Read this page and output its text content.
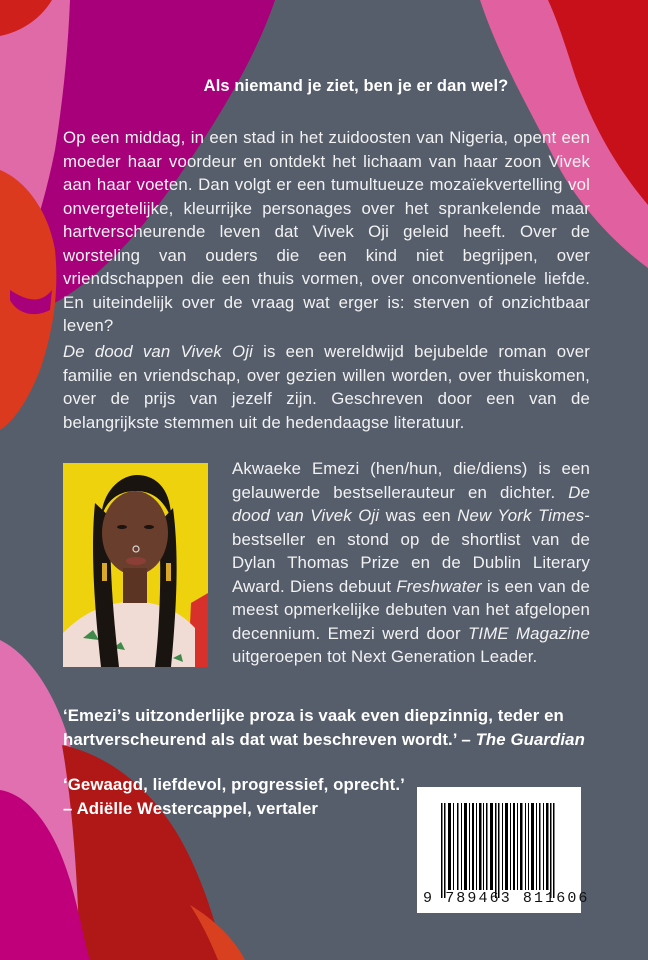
Als niemand je ziet, ben je er dan wel?
Op een middag, in een stad in het zuidoosten van Nigeria, opent een moeder haar voordeur en ontdekt het lichaam van haar zoon Vivek aan haar voeten. Dan volgt er een tumultueuze mozaïekvertelling vol onvergetelijke, kleurrijke personages over het sprankelende maar hartverscheurende leven dat Vivek Oji geleid heeft. Over de worsteling van ouders die een kind niet begrijpen, over vriendschappen die een thuis vormen, over onconventionele liefde. En uiteindelijk over de vraag wat erger is: sterven of onzichtbaar leven?
De dood van Vivek Oji is een wereldwijd bejubelde roman over familie en vriendschap, over gezien willen worden, over thuiskomen, over de prijs van jezelf zijn. Geschreven door een van de belangrijkste stemmen uit de hedendaagse literatuur.
Akwaeke Emezi (hen/hun, die/diens) is een gelauwerde bestsellerauteur en dichter. De dood van Vivek Oji was een New York Times-bestseller en stond op de shortlist van de Dylan Thomas Prize en de Dublin Literary Award. Diens debuut Freshwater is een van de meest opmerkelijke debuten van het afgelopen decennium. Emezi werd door TIME Magazine uitgeroepen tot Next Generation Leader.
‘Emezi’s uitzonderlijke proza is vaak even diepzinnig, teder en hartverscheurend als dat wat beschreven wordt.’ – The Guardian
‘Gewaagd, liefdevol, progressief, oprecht.’
– Adiëlle Westercappel, vertaler
9 789463 811606
